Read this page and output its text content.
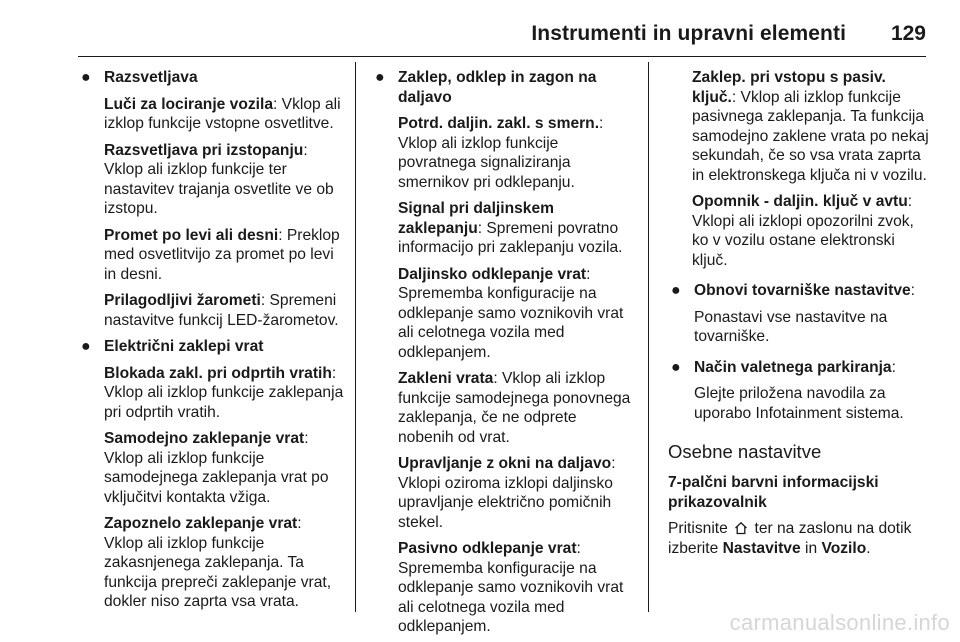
Instrumenti in upravni elementi 129
● Razsvetljava
Luči za lociranje vozila: Vklop ali izklop funkcije vstopne osvetlitve.
Razsvetljava pri izstopanju: Vklop ali izklop funkcije ter nastavitev trajanja osvetlite ve ob izstopu.
Promet po levi ali desni: Preklop med osvetlitvijo za promet po levi in desni.
Prilagodljivi žarometi: Spremeni nastavitve funkcij LED-žarometov.
● Električni zaklepi vrat
Blokada zakl. pri odprtih vratih: Vklop ali izklop funkcije zaklepanja pri odprtih vratih.
Samodejno zaklepanje vrat: Vklop ali izklop funkcije samodejnega zaklepanja vrat po vključitvi kontakta vžiga.
Zapoznelo zaklepanje vrat: Vklop ali izklop funkcije zakasnjenega zaklepanja. Ta funkcija prepreči zaklepanje vrat, dokler niso zaprta vsa vrata.
● Zaklep, odklep in zagon na daljavo
Potrd. daljin. zakl. s smern.: Vklop ali izklop funkcije povratnega signaliziranja smernikov pri odklepanju.
Signal pri daljinskem zaklepanju: Spremeni povratno informacijo pri zaklepanju vozila.
Daljinsko odklepanje vrat: Sprememba konfiguracije na odklepanje samo voznikovih vrat ali celotnega vozila med odklepanjem.
Zakleni vrata: Vklop ali izklop funkcije samodejnega ponovnega zaklepanja, če ne odprete nobenih od vrat.
Upravljanje z okni na daljavo: Vklopi oziroma izklopi daljinsko upravljanje električno pomičnih stekel.
Pasivno odklepanje vrat: Sprememba konfiguracije na odklepanje samo voznikovih vrat ali celotnega vozila med odklepanjem.
Zaklep. pri vstopu s pasiv. ključ.: Vklop ali izklop funkcije pasivnega zaklepanja. Ta funkcija samodejno zaklene vrata po nekaj sekundah, če so vsa vrata zaprta in elektronskega ključa ni v vozilu.
Opomnik - daljin. ključ v avtu: Vklopi ali izklopi opozorilni zvok, ko v vozilu ostane elektronski ključ.
● Obnovi tovarniške nastavitve:
Ponastavi vse nastavitve na tovarniške.
● Način valetnega parkiranja:
Glejte priložena navodila za uporabo Infotainment sistema.
Osebne nastavitve
7-palčni barvni informacijski prikazovalnik
Pritisnite ter na zaslonu na dotik izberite Nastavitve in Vozilo.
carmanualsonline.info
